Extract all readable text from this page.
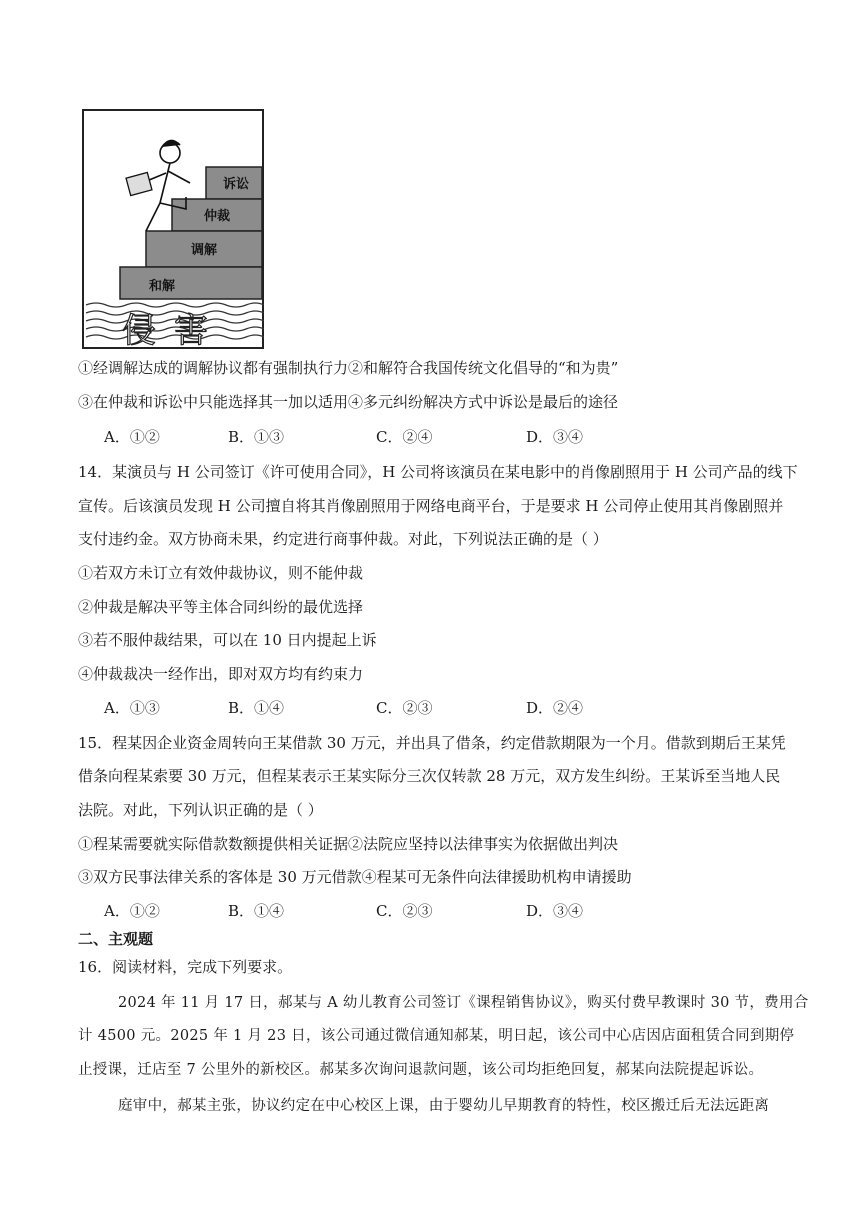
诉讼
仲裁
调解
和解
侵害
①经调解达成的调解协议都有强制执行力②和解符合我国传统文化倡导的“和为贵”
③在仲裁和诉讼中只能选择其一加以适用④多元纠纷解决方式中诉讼是最后的途径
A．①②	B．①③	C．②④	D．③④
14．某演员与 H 公司签订《许可使用合同》，H 公司将该演员在某电影中的肖像剧照用于 H 公司产品的线下
宣传。后该演员发现 H 公司擅自将其肖像剧照用于网络电商平台，于是要求 H 公司停止使用其肖像剧照并
支付违约金。双方协商未果，约定进行商事仲裁。对此，下列说法正确的是（ ）
①若双方未订立有效仲裁协议，则不能仲裁
②仲裁是解决平等主体合同纠纷的最优选择
③若不服仲裁结果，可以在 10 日内提起上诉
④仲裁裁决一经作出，即对双方均有约束力
A．①③	B．①④	C．②③	D．②④
15．程某因企业资金周转向王某借款 30 万元，并出具了借条，约定借款期限为一个月。借款到期后王某凭
借条向程某索要 30 万元，但程某表示王某实际分三次仅转款 28 万元，双方发生纠纷。王某诉至当地人民
法院。对此，下列认识正确的是（ ）
①程某需要就实际借款数额提供相关证据②法院应坚持以法律事实为依据做出判决
③双方民事法律关系的客体是 30 万元借款④程某可无条件向法律援助机构申请援助
A．①②	B．①④	C．②③	D．③④
二、主观题
16．阅读材料，完成下列要求。
2024 年 11 月 17 日，郝某与 A 幼儿教育公司签订《课程销售协议》，购买付费早教课时 30 节，费用合
计 4500 元。2025 年 1 月 23 日，该公司通过微信通知郝某，明日起，该公司中心店因店面租赁合同到期停
止授课，迁店至 7 公里外的新校区。郝某多次询问退款问题，该公司均拒绝回复，郝某向法院提起诉讼。
庭审中，郝某主张，协议约定在中心校区上课，由于婴幼儿早期教育的特性，校区搬迁后无法远距离
